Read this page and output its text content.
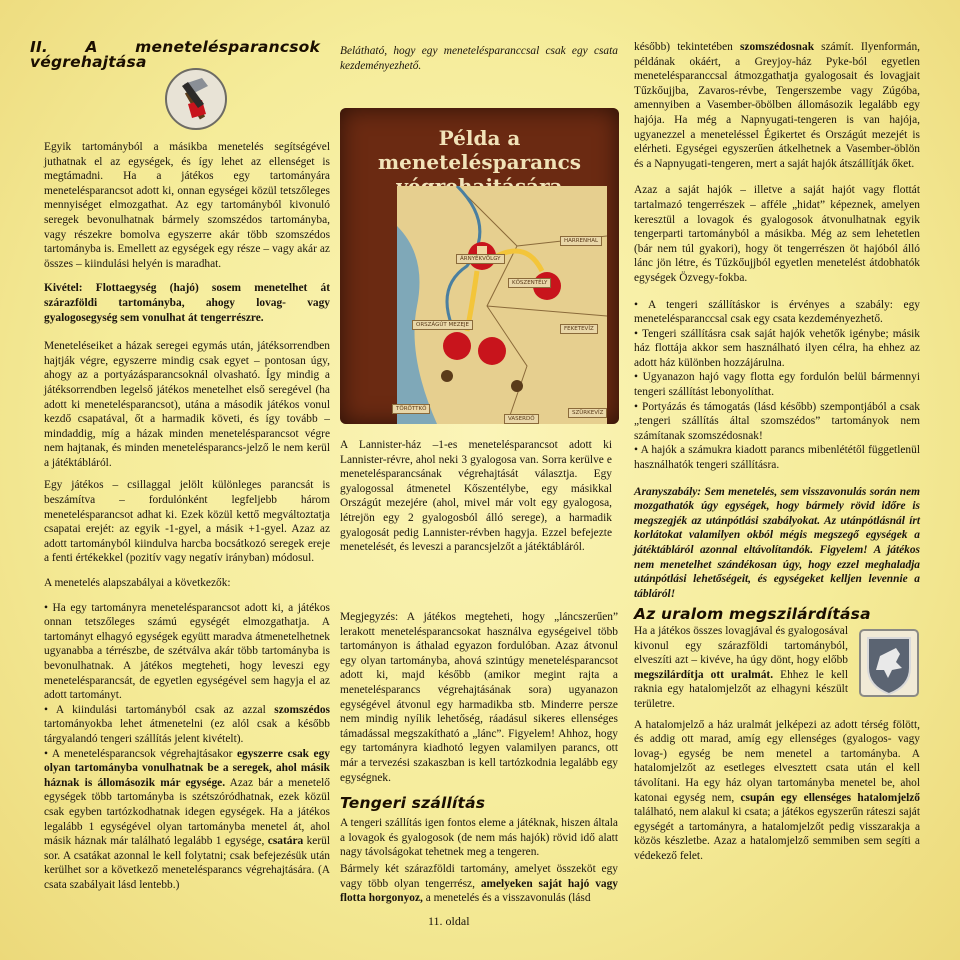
II. A menetelésparancsok végrehajtása

Egyik tartományból a másikba menetelés segítségével juthatnak el az egységek, és így lehet az ellenséget is megtámadni. Ha a játékos egy tartományára menetelésparancsot adott ki, onnan egységei közül tetszőleges mennyiséget elmozgathat. Az egy tartományból kivonuló seregek bevonulhatnak bármely szomszédos tartományba, vagy részekre bomolva egyszerre akár több szomszédos tartományba is. Emellett az egységek egy része – vagy akár az összes – kiindulási helyén is maradhat.

Kivétel: Flottaegység (hajó) sosem menetelhet át szárazföldi tartományba, ahogy lovag- vagy gyalogosegység sem vonulhat át tengerrészre.

Meneteléseiket a házak seregei egymás után, játéksorrendben hajtják végre, egyszerre mindig csak egyet – pontosan úgy, ahogy az a portyázásparancsoknál olvasható. Így mindig a játéksorrendben legelső játékos menetelhet első seregével (ha adott ki menetelésparancsot), utána a második játékos vonul kezdő csapatával, őt a harmadik követi, és így tovább – mindaddig, míg a házak minden menetelésparancsot végre nem hajtanak, és minden menetelésparancs-jelző le nem kerül a játéktábláról.

Egy játékos – csillaggal jelölt különleges parancsát is beszámítva – fordulónként legfeljebb három menetelésparancsot adhat ki. Ezek közül kettő megváltoztatja csapatai erejét: az egyik -1-gyel, a másik +1-gyel. Azaz az adott tartományból kiindulva harcba bocsátkozó seregek ereje a fenti értékekkel (pozitív vagy negatív irányban) módosul.

A menetelés alapszabályai a következők:

• Ha egy tartományra menetelésparancsot adott ki, a játékos onnan tetszőleges számú egységét elmozgathatja. A tartományt elhagyó egységek együtt maradva átmenetelhetnek ugyanabba a térrészbe, de szétválva akár több tartományba is bevonulhatnak. A játékos megteheti, hogy leveszi egy menetelésparancsát, de egyetlen egységével sem hagyja el az adott tartományt.
• A kiindulási tartományból csak az azzal szomszédos tartományokba lehet átmenetelni (ez alól csak a később tárgyalandó tengeri szállítás jelent kivételt).
• A menetelésparancsok végrehajtásakor egyszerre csak egy olyan tartományba vonulhatnak be a seregek, ahol másik háznak is állomásozik már egysége. Azaz bár a menetelő egységek több tartományba is szétszóródhatnak, ezek közül csak egyben tartózkodhatnak idegen egységek. Ha a játékos legalább 1 egységével olyan tartományba menetel át, ahol másik háznak már található legalább 1 egysége, csatára kerül sor. A csatákat azonnal le kell folytatni; csak befejezésük után kerülhet sor a következő menetelésparancs végrehajtására. (A csata szabályait lásd lentebb.)

Belátható, hogy egy menetelésparanccsal csak egy csata kezdeményezhető.

Példa a menetelésparancs
HARRENHAL
ÁRNYÉKVÖLGY
KŐSZENTÉLY
FEKETEVÍZ
ORSZÁGÚT MEZEJE
TÖRÖTTKŐ
VASERDŐ
SZÜRKEVÍZ

A Lannister-ház –1-es menetelésparancsot adott ki Lannister-révre, ahol neki 3 gyalogosa van. Sorra kerülve e menetelésparancsának végrehajtását választja. Egy gyalogossal átmenetel Kőszentélybe, egy másikkal Országút mezejére (ahol, mivel már volt egy gyalogosa, létrejön egy 2 gyalogosból álló serege), a harmadik gyalogosát pedig Lannister-révben hagyja. Ezzel befejezte menetelését, és leveszi a parancsjelzőt a játéktábláról.

Megjegyzés: A játékos megteheti, hogy „láncszerűen” lerakott menetelésparancsokat használva egységeivel több tartományon is áthalad egyazon fordulóban. Azaz átvonul egy olyan tartományba, ahová szintúgy menetelésparancsot adott ki, majd később (amikor megint rajta a menetelésparancs végrehajtásának sora) ugyanazon egységével átvonul egy harmadikba stb. Minderre persze nem mindig nyílik lehetőség, ráadásul sikeres ellenséges támadással megszakítható a „lánc”. Figyelem! Ahhoz, hogy egy tartományra kiadhotó legyen valamilyen parancs, ott már a tervezési szakaszban is kell tartózkodnia legalább egy egységnek.

Tengeri szállítás

A tengeri szállítás igen fontos eleme a játéknak, hiszen általa a lovagok és gyalogosok (de nem más hajók) rövid idő alatt nagy távolságokat tehetnek meg a tengeren.

Bármely két szárazföldi tartomány, amelyet összeköt egy vagy több olyan tengerrész, amelyeken saját hajó vagy flotta horgonyoz, a menetelés és a visszavonulás (lásd

11. oldal

később) tekintetében szomszédosnak számít. Ilyenformán, példának okáért, a Greyjoy-ház Pyke-ból egyetlen menetelésparanccsal átmozgathatja gyalogosait és lovagjait Tűzkőujjba, Zavaros-révbe, Tengerszembe vagy Zúgóba, amennyiben a Vasember-öbölben állomásozik legalább egy hajója. Ha még a Napnyugati-tengeren is van hajója, ugyanezzel a meneteléssel Égikertet és Országút mezejét is elérheti. Egységei egyszerűen átkelhetnek a Vasember-öblön és a Napnyugati-tengeren, mert a saját hajók átszállítják őket.

Azaz a saját hajók – illetve a saját hajót vagy flottát tartalmazó tengerrészek – afféle „hidat” képeznek, amelyen keresztül a lovagok és gyalogosok átvonulhatnak egyik tengerparti tartományból a másikba. Még az sem lehetetlen (bár nem túl gyakori), hogy öt tengerrészen öt hajóból álló lánc jön létre, és Tűzkőujjból egyetlen menetelést átdobhatók egységek Özvegy-fokba.

• A tengeri szállításkor is érvényes a szabály: egy menetelésparanccsal csak egy csata kezdeményezhető.
• Tengeri szállításra csak saját hajók vehetők igénybe; másik ház flottája akkor sem használható ilyen célra, ha ehhez az adott ház különben hozzájárulna.
• Ugyanazon hajó vagy flotta egy fordulón belül bármennyi tengeri szállítást lebonyolíthat.
• Portyázás és támogatás (lásd később) szempontjából a csak „tengeri szállítás által szomszédos” tartományok nem számítanak szomszédosnak!
• A hajók a számukra kiadott parancs mibenlététől függetlenül használhatók tengeri szállításra.

Aranyszabály: Sem menetelés, sem visszavonulás során nem mozgathatók úgy egységek, hogy bármely rövid időre is megszegjék az utánpótlási szabályokat. Az utánpótlásnál írt korlátokat valamilyen okból mégis megszegő egységek a játéktábláról azonnal eltávolítandók. Figyelem! A játékos nem menetelhet szándékosan úgy, hogy ezzel meghaladja utánpótlási lehetőségeit, és egységeket kelljen levennie a tábláról!

Az uralom megszilárdítása

Ha a játékos összes lovagjával és gyalogosával kivonul egy szárazföldi tartományból, elveszíti azt – kivéve, ha úgy dönt, hogy előbb megszilárdítja ott uralmát. Ehhez le kell raknia egy hatalomjelzőt az elhagyni készült területre.

A hatalomjelző a ház uralmát jelképezi az adott térség fölött, és addig ott marad, amíg egy ellenséges (gyalogos- vagy lovag-) egység be nem menetel a tartományba. A hatalomjelzőt az esetleges elvesztett csata után el kell távolítani. Ha egy ház olyan tartományba menetel be, ahol katonai egység nem, csupán egy ellenséges hatalomjelző található, nem alakul ki csata; a játékos egyszerűn ráteszi saját egységét a tartományra, a hatalomjelzőt pedig visszarakja a közös készletbe. Azaz a hatalomjelző semmiben sem segíti a védekező felet.
